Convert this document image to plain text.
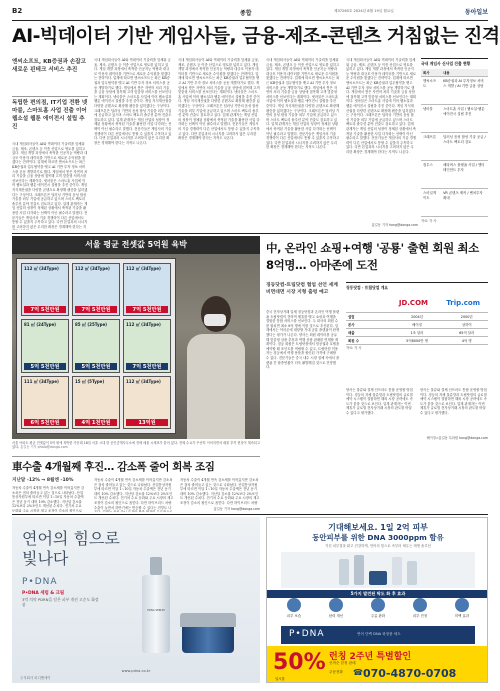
B2	종합	제37265호 2024년 8월 19일 월요일	동아일보
AI-빅데이터 기반 게임사들, 금융-제조-콘텐츠 거침없는 진격
엔씨소프트, KB증권과 손잡고 새로운 핀테크 서비스 추진
독립한 편의점, IT기업 전환 넷마블, 스마트홈 사업 진출 이어 웹소설 웹툰 에이전시 설립 추진

국내 게임회사들이 AI와 빅데이터 기술력을 앞세워 금융, 제조, 콘텐츠 등 이종 산업으로 영토를 넓히고 있다. 게임 개발 과정에서 축적한 인공지능 역량과 대규모 이용자 데이터를 기반으로 새로운 수익원을 찾겠다는 전략이다. 업계에 따르면 엔씨소프트는 최근 KB증권과 업무협약을 맺고 AI 기반 투자 정보 서비스를 공동 개발하기로 했다. 게임에서 쌓은 자연어 처리 기술을 금융 상담에 접목해 고객 맞춤형 서비스를 선보인다는 계획이다. 넷마블은 스마트홈 사업에 이어 웹소설과 웹툰 에이전시 설립을 추진 중이다. 게임 지식재산권을 다양한 콘텐츠로 확장해 팬층을 넓히겠다는 구상이다. 크래프톤은 딥러닝 기반의 음성 합성 기술을 외부 기업에 공급하고 있으며 스마트 팩토리 솔루션 분야 진출도 검토하고 있다. 업계 관계자는 게임 산업의 성장이 정체된 상황에서 축적된 기술을 활용한 사업 다각화는 선택이 아닌 필수라고 말했다. 전문가들은 게임사의 기술 경쟁력이 다른 산업에서도 통할 수 있을지 주목하고 있다. 다만 본업과의 시너지를 고려하지 않은 무리한 확장은 경계해야 한다는 지

국내 게임회사들이 AI와 빅데이터 기술력을 앞세워 금융, 제조, 콘텐츠 등 이종 산업으로 영토를 넓히고 있다. 게임 개발 과정에서 축적한 인공지능 역량과 대규모 이용자 데이터를 기반으로 새로운 수익원을 찾겠다는 전략이다. 업계에 따르면 엔씨소프트는 최근 KB증권과 업무협약을 맺고 AI 기반 투자 정보 서비스를 공동 개발하기로 했다. 게임에서 쌓은 자연어 처리 기술을 금융 상담에 접목해 고객 맞춤형 서비스를 선보인다는 계획이다. 넷마블은 스마트홈 사업에 이어 웹소설과 웹툰 에이전시 설립을 추진 중이다. 게임 지식재산권을 다양한 콘텐츠로 확장해 팬층을 넓히겠다는 구상이다. 크래프톤은 딥러닝 기반의 음성 합성 기술을 외부 기업에 공급하고 있으며 스마트 팩토리 솔루션 분야 진출도 검토하고 있다. 업계 관계자는 게임 산업의 성장이 정체된 상황에서 축적된 기술을 활용한 사업 다각화는 선택이 아닌 필수라고 말했다. 전문가들은 게임사의 기술 경쟁력이 다른 산업에서도 통할 수 있을지 주목하고 있다. 다만 본업과의 시너지를 고려하지 않은 무리한 확장은 경계해야 한다는 지적도 나온다.

국내 게임회사들이 AI와 빅데이터 기술력을 앞세워 금융, 제조, 콘텐츠 등 이종 산업으로 영토를 넓히고 있다. 게임 개발 과정에서 축적한 인공지능 역량과 대규모 이용자 데이터를 기반으로 새로운 수익원을 찾겠다는 전략이다. 업계에 따르면 엔씨소프트는 최근 KB증권과 업무협약을 맺고 AI 기반 투자 정보 서비스를 공동 개발하기로 했다. 게임에서 쌓은 자연어 처리 기술을 금융 상담에 접목해 고객 맞춤형 서비스를 선보인다는 계획이다. 넷마블은 스마트홈 사업에 이어 웹소설과 웹툰 에이전시 설립을 추진 중이다. 게임 지식재산권을 다양한 콘텐츠로 확장해 팬층을 넓히겠다는 구상이다. 크래프톤은 딥러닝 기반의 음성 합성 기술을 외부 기업에 공급하고 있으며 스마트 팩토리 솔루션 분야 진출도 검토하고 있다. 업계 관계자는 게임 산업의 성장이 정체된 상황에서 축적된 기술을 활용한 사업 다각화는 선택이 아닌 필수라고 말했다. 전문가들은 게임사의 기술 경쟁력이 다른 산업에서도 통할 수 있을지 주목하고 있다. 다만 본업과의 시너지를 고려하지 않은 무리한 확장은 경계해야 한다는 지적도 나온다.

국내 게임회사들이 AI와 빅데이터 기술력을 앞세워 금융, 제조, 콘텐츠 등 이종 산업으로 영토를 넓히고 있다. 게임 개발 과정에서 축적한 인공지능 역량과 대규모 이용자 데이터를 기반으로 새로운 수익원을 찾겠다는 전략이다. 업계에 따르면 엔씨소프트는 최근 KB증권과 업무협약을 맺고 AI 기반 투자 정보 서비스를 공동 개발하기로 했다. 게임에서 쌓은 자연어 처리 기술을 금융 상담에 접목해 고객 맞춤형 서비스를 선보인다는 계획이다. 넷마블은 스마트홈 사업에 이어 웹소설과 웹툰 에이전시 설립을 추진 중이다. 게임 지식재산권을 다양한 콘텐츠로 확장해 팬층을 넓히겠다는 구상이다. 크래프톤은 딥러닝 기반의 음성 합성 기술을 외부 기업에 공급하고 있으며 스마트 팩토리 솔루션 분야 진출도 검토하고 있다. 업계 관계자는 게임 산업의 성장이 정체된 상황에서 축적된 기술을 활용한 사업 다각화는 선택이 아닌 필수라고 말했다. 전문가들은 게임사의 기술 경쟁력이 다른 산업에서도 통할 수 있을지 주목하고 있다. 다만 본업과의 시너지를 고려하지 않은 무리한 확장은 경계해야 한다는 지적도 나온다.

국내 게임회사들이 AI와 빅데이터 기술력을 앞세워 금융, 제조, 콘텐츠 등 이종 산업으로 영토를 넓히고 있다. 게임 개발 과정에서 축적한 인공지능 역량과 대규모 이용자 데이터를 기반으로 새로운 수익원을 찾겠다는 전략이다. 업계에 따르면 엔씨소프트는 최근 KB증권과 업무협약을 맺고 AI 기반 투자 정보 서비스를 공동 개발하기로 했다. 게임에서 쌓은 자연어 처리 기술을 금융 상담에 접목해 고객 맞춤형 서비스를 선보인다는 계획이다. 넷마블은 스마트홈 사업에 이어 웹소설과 웹툰 에이전시 설립을 추진 중이다. 게임 지식재산권을 다양한 콘텐츠로 확장해 팬층을 넓히겠다는 구상이다. 크래프톤은 딥러닝 기반의 음성 합성 기술을 외부 기업에 공급하고 있으며 스마트 팩토리 솔루션 분야 진출도 검토하고 있다. 업계 관계자는 게임 산업의 성장이 정체된 상황에서 축적된 기술을 활용한 사업 다각화는 선택이 아닌 필수라고 말했다. 전문가들은 게임사의 기술 경쟁력이 다른 산업에서도 통할 수 있을지 주목하고 있다. 다만 본업과의 시너지를 고려하지 않은 무리한 확장은 경계해야 한다는 지적도 나온다.

홍길동 기자 hong@donga.com
국내 게임사 신사업 진출 현황
회사	내용
엔씨소프트	KB증권과 AI 투자정보 서비스 개발 / AI 기반 금융 상담
넷마블	스마트홈 사업 / 웹소설·웹툰 에이전시 설립 추진
크래프톤	딥러닝 음성 합성 기술 공급 / 스마트 팩토리 검토
컴투스	메타버스 플랫폼 사업 / 엔터테인먼트 투자
스마일게이트	VR 콘텐츠 제작 / 벤처투자 확대
자료: 각 사
서울 평균 전셋값 5억원 육박
112 ㎡ (34Type)
7억 5천만원
112 ㎡ (34Type)
7억 5천만원
112 ㎡ (34Type)
7억 5천만원
81 ㎡ (24Type)
5억 5천만원
85 ㎡ (25Type)
5억 5천만원
112 ㎡ (34Type)
7억 5천만원
111 ㎡ (34Type)
6억 5천만원
15 ㎡ (5Type)
4억 1천만원
112 ㎡ (34Type)
13억원
서울 아파트 평균 전셋값이 5억 원에 육박한 가운데 18일 서울 시내 한 공인중개사무소에 전세 매물 시세표가 붙어 있다. 전세 수요가 꾸준히 이어지면서 매물 부족 현상이 계속되고 있다. 홍길동 기자 photo@donga.com
中, 온라인 쇼핑+여행 '공룡' 출현 회원 최소 8억명… 아마존에 도전
징둥닷컴-트립닷컴 협업 선언 세계 비면대면 시장 지형 출렁 예고

중국 전자상거래 업체 징둥닷컴과 온라인 여행 플랫폼 트립닷컴이 전략적 제휴를 맺고 쇼핑과 여행을 결합한 통합 서비스를 선보인다. 두 회사의 회원 수를 합치면 최소 8억 명에 이를 것으로 추산된다. 업계에서는 아마존에 대항할 거대 공룡 플랫폼이 탄생했다는 평가가 나온다. 양사는 회원 데이터를 공유해 맞춤형 상품 추천과 여행 상품 판매를 연계할 계획이다. 징둥 회원은 트립닷컴에서 항공권과 호텔을 예약할 때 포인트를 적립할 수 있고, 트립닷컴 이용자는 징둥에서 여행 용품을 할인된 가격에 구매할 수 있다. 전문가들은 중국 내수 시장 침체 속에서 플랫폼 간 합종연횡이 더욱 활발해질 것으로 전망했다.

징둥닷컴 · 트립닷컴 개요
JD.COM	Trip.com
설립	2004년	2000년
본사	베이징	상하이
매출	1조 달러	65억 달러
회원 수	5억8000만 명	4억 명
자료: 각 사

양사는 물류와 결제 인프라도 통합 운영할 방침이다. 징둥의 자체 물류망과 트립닷컴의 글로벌 예약 시스템이 결합하면 해외 시장 공략에도 속도가 붙을 것으로 보인다. 업계 관계자는 이번 제휴가 글로벌 전자상거래 시장의 판도를 바꿀 수 있다고 평가했다.

양사는 물류와 결제 인프라도 통합 운영할 방침이다. 징둥의 자체 물류망과 트립닷컴의 글로벌 예약 시스템이 결합하면 해외 시장 공략에도 속도가 붙을 것으로 보인다. 업계 관계자는 이번 제휴가 글로벌 전자상거래 시장의 판도를 바꿀 수 있다고 평가했다.

베이징=홍길동 특파원 hong@donga.com
車수출 4개월째 후진… 감소폭 줄어 회복 조짐
지난달 -12% → 8월엔 -10%

자동차 수출이 4개월 연속 감소세를 이어갔지만 감소폭은 점차 줄어들고 있는 것으로 나타났다. 산업통상자원부에 따르면 이달 1∼10일 자동차 수출액은 전년 동기 대비 10% 감소했다. 지난달 감소율 12%보다 2%포인트 개선된 수치다. 전기차 수요 둔화와 주요 시장의 재고 조정이 감소의 원인으로

자동차 수출이 4개월 연속 감소세를 이어갔지만 감소폭은 점차 줄어들고 있는 것으로 나타났다. 산업통상자원부에 따르면 이달 1∼10일 자동차 수출액은 전년 동기 대비 10% 감소했다. 지난달 감소율 12%보다 2%포인트 개선된 수치다. 전기차 수요 둔화와 주요 시장의 재고 조정이 감소의 원인으로 꼽힌다. 다만 하이브리드 차량 수출이 늘면서 하반기에는 반등할 수 있다는 전망도 나

자동차 수출이 4개월 연속 감소세를 이어갔지만 감소폭은 점차 줄어들고 있는 것으로 나타났다. 산업통상자원부에 따르면 이달 1∼10일 자동차 수출액은 전년 동기 대비 10% 감소했다. 지난달 감소율 12%보다 2%포인트 개선된 수치다. 전기차 수요 둔화와 주요 시장의 재고 조정이 감소의 원인으로 꼽힌다. 다만 하이브리드 차량

홍길동 기자 hong@donga.com
연어의 힘으로 빛나다
P•DNA
P•DNA 세럼 & 크림
3억 의약 PDRN을 담은 피부 개선 고순도 화장품
PDNA SERUM
www.pdna.co.kr
주식회사 피디엔에이
기대해보세요. 1일 2억 피부
동안피부를 위한 DNA 3000ppm 함유
거친 피부결을 맑고 건강하게, 연어의 힘으로 속부터 채우는 재생 솔루션
5가지 발견된 탁도 화 후 효과
피부 보습	탄력 개선	주름 완화	피부 진정	미백 효과
P•DNA	연어 단백 DNA 화장품 세트
50%
일시불
런칭 2주년 특별할인
선착순 한정 판매
주문전화 ☎ 070-4870-0708
